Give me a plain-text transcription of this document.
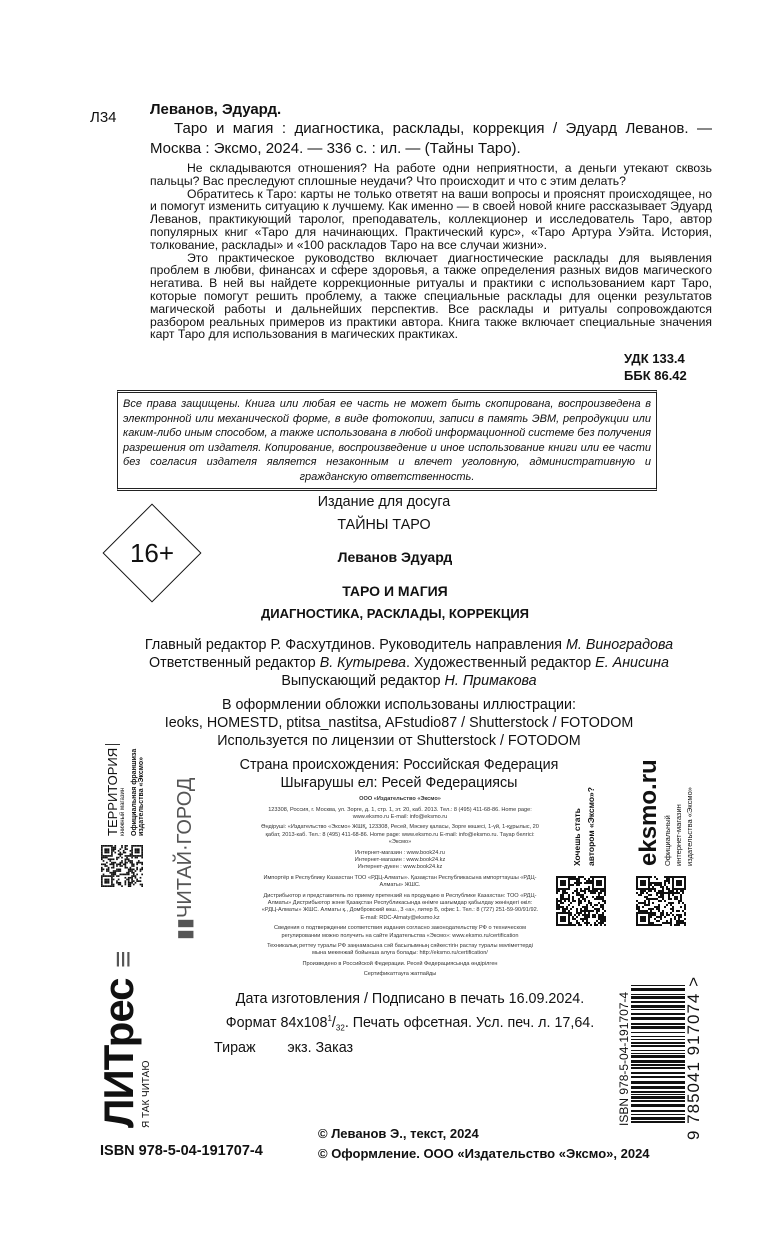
Л34 Леванов, Эдуард.
Таро и магия : диагностика, расклады, коррекция / Эдуард Леванов. — Москва : Эксмо, 2024. — 336 с. : ил. — (Тайны Таро).

Не складываются отношения? На работе одни неприятности, а деньги утекают сквозь пальцы? Вас преследуют сплошные неудачи? Что происходит и что с этим делать?

Обратитесь к Таро: карты не только ответят на ваши вопросы и прояснят происходящее, но и помогут изменить ситуацию к лучшему. Как именно — в своей новой книге рассказывает Эдуард Леванов, практикующий таролог, преподаватель, коллекционер и исследователь Таро, автор популярных книг «Таро для начинающих. Практический курс», «Таро Артура Уэйта. История, толкование, расклады» и «100 раскладов Таро на все случаи жизни».

Это практическое руководство включает диагностические расклады для выявления проблем в любви, финансах и сфере здоровья, а также определения разных видов магического негатива. В ней вы найдете коррекционные ритуалы и практики с использованием карт Таро, которые помогут решить проблему, а также специальные расклады для оценки результатов магической работы и дальнейших перспектив. Все расклады и ритуалы сопровождаются разбором реальных примеров из практики автора. Книга также включает специальные значения карт Таро для использования в магических практиках.

УДК 133.4
ББК 86.42
Все права защищены. Книга или любая ее часть не может быть скопирована, воспроизведена в электронной или механической форме, в виде фотокопии, записи в память ЭВМ, репродукции или каким-либо иным способом, а также использована в любой информационной системе без получения разрешения от издателя. Копирование, воспроизведение и иное использование книги или ее части без согласия издателя является незаконным и влечет уголовную, административную и гражданскую ответственность.
Издание для досуга
ТАЙНЫ ТАРО
Леванов Эдуард
ТАРО И МАГИЯ
ДИАГНОСТИКА, РАСКЛАДЫ, КОРРЕКЦИЯ
Главный редактор Р. Фасхутдинов. Руководитель направления М. Виноградова
Ответственный редактор В. Кутырева. Художественный редактор Е. Анисина
Выпускающий редактор Н. Примакова
В оформлении обложки использованы иллюстрации:
Ieoks, HOMESTD, ptitsa_nastitsa, AFstudio87 / Shutterstock / FOTODOM
Используется по лицензии от Shutterstock / FOTODOM
Страна происхождения: Российская Федерация
Шығарушы ел: Ресей Федерациясы

ООО «Издательство «Эксмо»

123308, Россия, г. Москва, ул. Зорге, д. 1, стр. 1, эт. 20, каб. 2013. Тел.: 8 (495) 411-68-86. Home page: www.eksmo.ru E-mail: info@eksmo.ru

Өндіруші: «Издательство «Эксмо» ЖШҚ, 123308, Ресей, Мәскеу қаласы, Зорге көшесі, 1-үй, 1-құрылыс, 20 қабат, 2013-каб. Тел.: 8 (495) 411-68-86. Home page: www.eksmo.ru E-mail: info@eksmo.ru. Тауар белгісі: «Эксмо»

Интернет-магазин : www.book24.ru

Интернет-магазин : www.book24.kz

Интернет-дүкен : www.book24.kz

Импортёр в Республику Казахстан ТОО «РДЦ-Алматы». Қазақстан Республикасына импорттаушы «РДЦ-Алматы» ЖШС.

Дистрибьютор и представитель по приему претензий на продукцию в Республике Казахстан: ТОО «РДЦ-Алматы» Дистрибьютор және Қазақстан Республикасында өнімге шағымдар қабылдау жөніндегі өкіл: «РДЦ-Алматы» ЖШС. Алматы қ., Домбровский көш., 3 «а», литер Б, офис 1. Тел.: 8 (727) 251-59-90/91/92. E-mail: RDC-Almaty@eksmo.kz

Сведения о подтверждении соответствия издания согласно законодательству РФ о техническом регулировании можно получить на сайте Издательства «Эксмо»: www.eksmo.ru/certification

Техникалық реттеу туралы РФ заңнамасына сәй басылымның сәйкестігін растау туралы мәліметтерді мына мекенжай бойынша алуға болады: http://eksmo.ru/certification/

Произведено в Российской Федерации. Ресей Федерациясында өндірілген

Сертификаттауға жатпайды

Дата изготовления / Подписано в печать 16.09.2024.
Формат $84x108^1/_{32}$. Печать офсетная. Усл. печ. л. 17,64.
Тираж        экз. Заказ
16+
© Леванов Э., текст, 2024
© Оформление. ООО «Издательство «Эксмо», 2024
ISBN 978-5-04-191707-4
ЛИТрес ≡
Я ТАК ЧИТАЮ
▮▮ЧИТАЙ·ГОРОД
ТЕРРИТОРИЯ книжный магазин Официальная франшиза издательства «Эксмо»
Хочешь стать автором «Эксмо»? eksmo.ru Официальный интернет-магазин издательства «Эксмо»
ISBN 978-5-04-191707-4	9 785041 917074 >
